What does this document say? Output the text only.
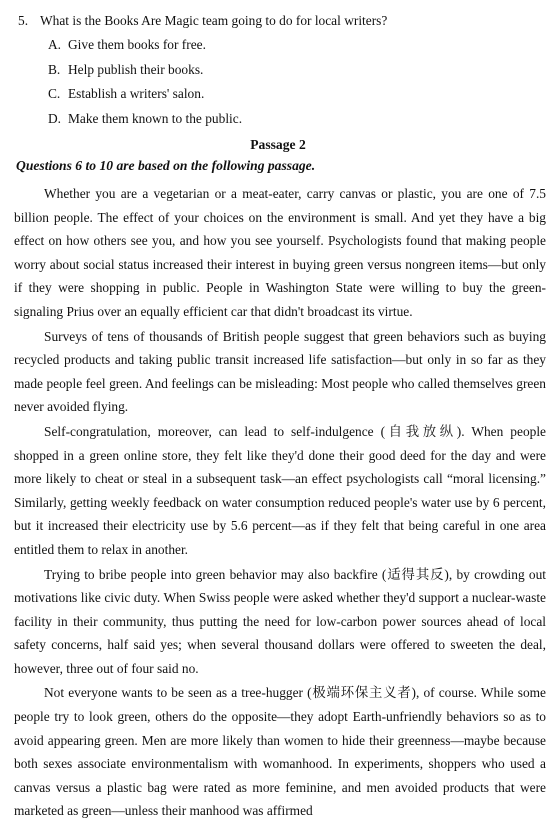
5. What is the Books Are Magic team going to do for local writers?

A. Give them books for free.

B. Help publish their books.

C. Establish a writers' salon.

D. Make them known to the public.

Passage 2
Questions 6 to 10 are based on the following passage.

Whether you are a vegetarian or a meat-eater, carry canvas or plastic, you are one of 7.5 billion people. The effect of your choices on the environment is small. And yet they have a big effect on how others see you, and how you see yourself. Psychologists found that making people worry about social status increased their interest in buying green versus nongreen items—but only if they were shopping in public. People in Washington State were willing to buy the green-signaling Prius over an equally efficient car that didn't broadcast its virtue.

Surveys of tens of thousands of British people suggest that green behaviors such as buying recycled products and taking public transit increased life satisfaction—but only in so far as they made people feel green. And feelings can be misleading: Most people who called themselves green never avoided flying.

Self-congratulation, moreover, can lead to self-indulgence (自我放纵). When people shopped in a green online store, they felt like they'd done their good deed for the day and were more likely to cheat or steal in a subsequent task—an effect psychologists call “moral licensing.” Similarly, getting weekly feedback on water consumption reduced people's water use by 6 percent, but it increased their electricity use by 5.6 percent—as if they felt that being careful in one area entitled them to relax in another.

Trying to bribe people into green behavior may also backfire (适得其反), by crowding out motivations like civic duty. When Swiss people were asked whether they'd support a nuclear-waste facility in their community, thus putting the need for low-carbon power sources ahead of local safety concerns, half said yes; when several thousand dollars were offered to sweeten the deal, however, three out of four said no.

Not everyone wants to be seen as a tree-hugger (极端环保主义者), of course. While some people try to look green, others do the opposite—they adopt Earth-unfriendly behaviors so as to avoid appearing green. Men are more likely than women to hide their greenness—maybe because both sexes associate environmentalism with womanhood. In experiments, shoppers who used a canvas versus a plastic bag were rated as more feminine, and men avoided products that were marketed as green—unless their manhood was affirmed
